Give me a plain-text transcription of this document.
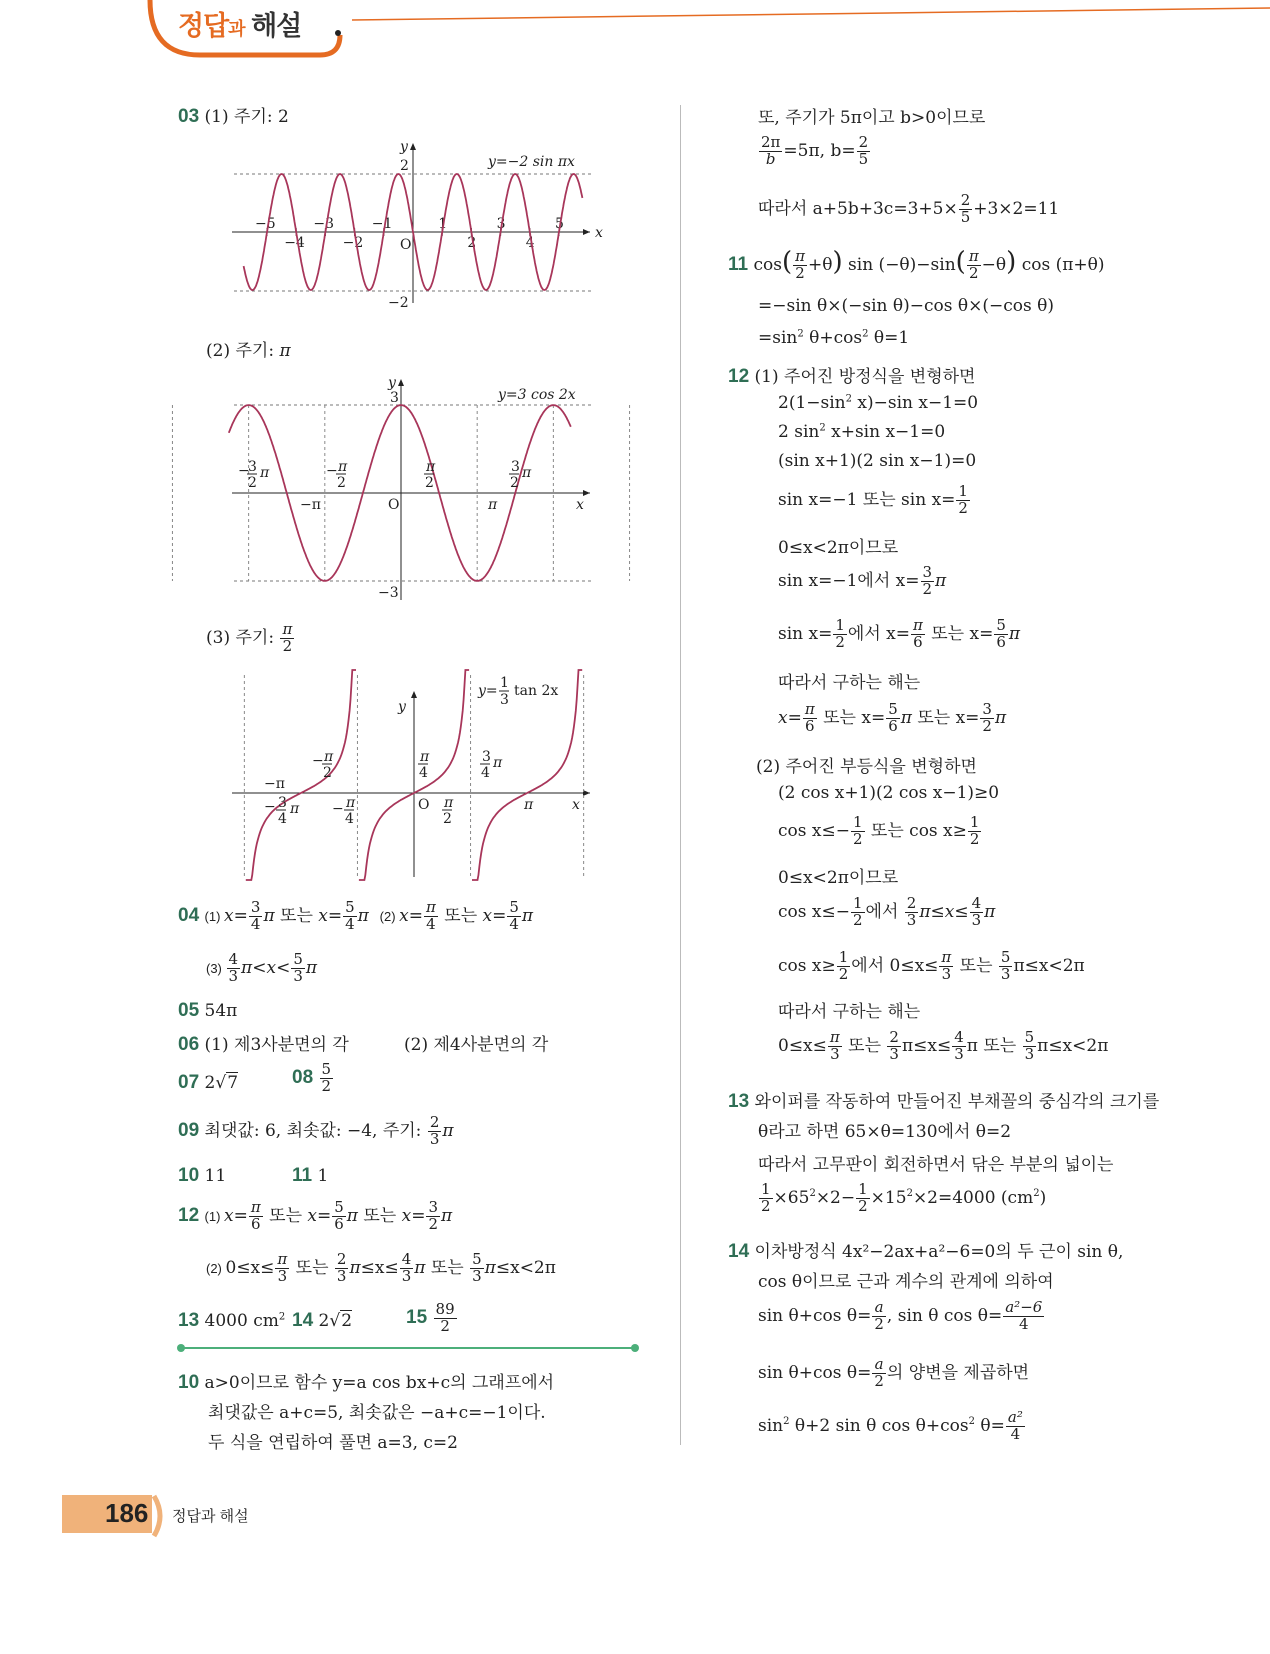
정답과 해설
03 (1) 주기: 2
−5
−4
−3
−2
−1	1
2
3
4
5
y
x
O
2
−2
y=−2 sin πx
(2) 주기: π
y
x
O
3
−3
−π	π
y=3 cos 2x
−
3
2
π	− π
2
π
2
3
2
π
(3) 주기: $\frac{\pi}{2}$
y
x
O
−π
π
y= 1
3
tan 2x
− 3
4
π
− π
2
− π
4
π
4
π
2
3
4
π
04 (1) $x= \frac{3}{4}$ π 또는 $x= \frac{5}{4}$ π (2) $x= \frac{\pi}{4}$ 또는 $x= \frac{5}{4}$ π
$(3) \frac{4}{3} \pi<x< \frac{5}{3}$ π
05 54π
06 (1) 제3사분면의 각	(2) 제4사분면의 각
07 2√7	$08 \frac{5}{2}$
09 최댓값: 6, 최솟값: −4, 주기: $\frac{2}{3}$ π
10 11	11 1
12 (1) $x= \frac{\pi}{6}$ 또는 $x= \frac{5}{6}$ π 또는 $x= \frac{3}{2}$ π
(2) $0\le x\le \frac{\pi}{3}$ 또는 $\frac{2}{3} \pi\le x\le \frac{4}{3}$ π 또는 $\frac{5}{3} \pi\le x<2\pi$
13 4000 $cm^2$ 14 2√2	$15 \frac{89}{2}$
10 a>0이므로 함수 y=a cos bx+c의 그래프에서
최댓값은 a+c=5, 최솟값은 −a+c=−1이다.
두 식을 연립하여 풀면 a=3, c=2
또, 주기가 5π이고 b>0이므로
$\frac{2\pi}{b} =5\pi$, $b= \frac{2}{5}$
따라서 $a+5b+3c=3+5\times \frac{2}{5} +3\times 2=11$
11 $\cos( \frac{\pi}{2} +\theta)$ $\sin (-\theta)-\sin( \frac{\pi}{2} -\theta)$ cos (π+θ)
=−sin θ×(−sin θ)−cos θ×(−cos θ)
$=\sin^2$ $\theta+\cos^2$ θ=1
12 (1) 주어진 방정식을 변형하면
$2(1-\sin^2$ x)−sin x−1=0
2 $\sin^2 x+\sin$ x−1=0
(sin x+1)(2 sin x−1)=0
sin x=−1 또는 $\sin x= \frac{1}{2}$
0≤x<2π이므로
sin x=−1에서 $x= \frac{3}{2}$ π
$\sin x= \frac{1}{2}$ 에서 $x= \frac{\pi}{6}$ 또는 $x= \frac{5}{6}$ π
따라서 구하는 해는
$x= \frac{\pi}{6}$ 또는 $x= \frac{5}{6}$ π 또는 $x= \frac{3}{2}$ π
(2) 주어진 부등식을 변형하면
(2 cos x+1)(2 cos x−1)≥0
$\cos x\le- \frac{1}{2}$ 또는 $\cos x\ge \frac{1}{2}$
0≤x<2π이므로
$\cos x\le- \frac{1}{2}$ 에서 $\frac{2}{3} \pi\le x\le \frac{4}{3}$ π
$\cos x\ge \frac{1}{2}$ 에서 $0\le x\le \frac{\pi}{3}$ 또는 $\frac{5}{3} \pi\le x<2\pi$
따라서 구하는 해는
$0\le x\le \frac{\pi}{3}$ 또는 $\frac{2}{3} \pi\le x\le \frac{4}{3}$ π 또는 $\frac{5}{3} \pi\le x<2\pi$
13 와이퍼를 작동하여 만들어진 부채꼴의 중심각의 크기를
θ라고 하면 65×θ=130에서 θ=2
따라서 고무판이 회전하면서 닦은 부분의 넓이는
$\frac{1}{2} \times 65^2\times 2- \frac{1}{2} \times 15^2\times 2=4000$ $(cm^2)$
14 이차방정식 4x²−2ax+a²−6=0의 두 근이 sin θ,
cos θ이므로 근과 계수의 관계에 의하여
sin θ+cos $\theta= \frac{a}{2}$ , sin θ $\cos \theta= \frac{\text{a²−6}}{4}$
sin θ+cos $\theta= \frac{a}{2}$ 의 양변을 제곱하면
$\sin^2 \theta+2$ sin θ $\cos \theta+\cos^2$ $\theta= \frac{\text{a²}}{4}$
186 정답과 해설
